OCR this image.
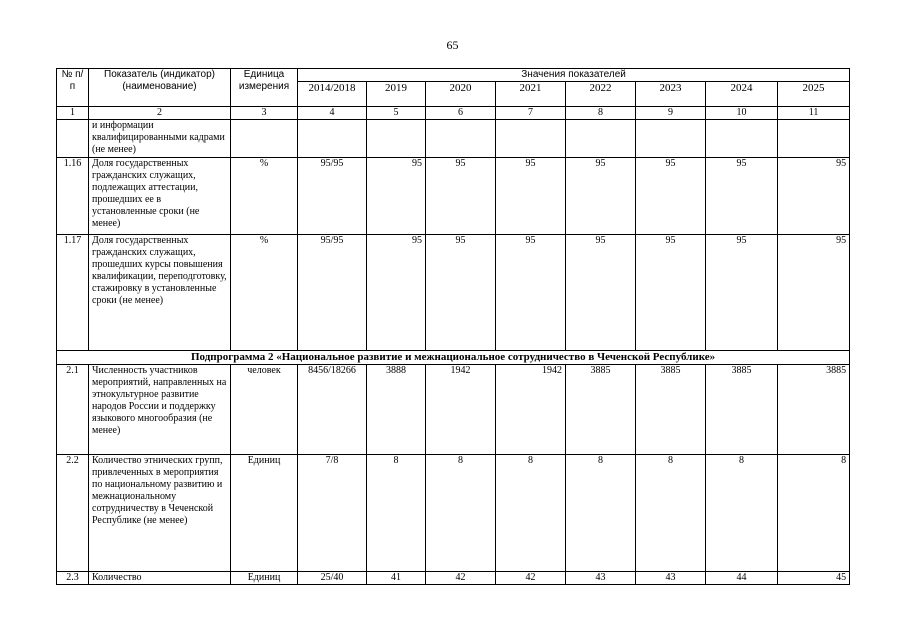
65
№ п/п	Показатель (индикатор) (наименование)	Единица измерения	Значения показателей							
			2014/2018	2019	2020	2021	2022	2023	2024	2025
1	2	3	4	5	6	7	8	9	10	11
	и информации квалифицированными кадрами (не менее)									
1.16	Доля государственных гражданских служащих, подлежащих аттестации, прошедших ее в установленные сроки (не менее)	%	95/95	95	95	95	95	95	95	95
1.17	Доля государственных гражданских служащих, прошедших курсы повышения квалификации, переподготовку, стажировку в установленные сроки (не менее)	%	95/95	95	95	95	95	95	95	95
Подпрограмма 2 «Национальное развитие и межнациональное сотрудничество в Чеченской Республике»										
2.1	Численность участников мероприятий, направленных на этнокультурное развитие народов России и поддержку языкового многообразия (не менее)	человек	8456/18266	3888	1942	1942	3885	3885	3885	3885
2.2	Количество этнических групп, привлеченных в мероприятия по национальному развитию и межнациональному сотрудничеству в Чеченской Республике (не менее)	Единиц	7/8	8	8	8	8	8	8	8
2.3	Количество	Единиц	25/40	41	42	42	43	43	44	45
